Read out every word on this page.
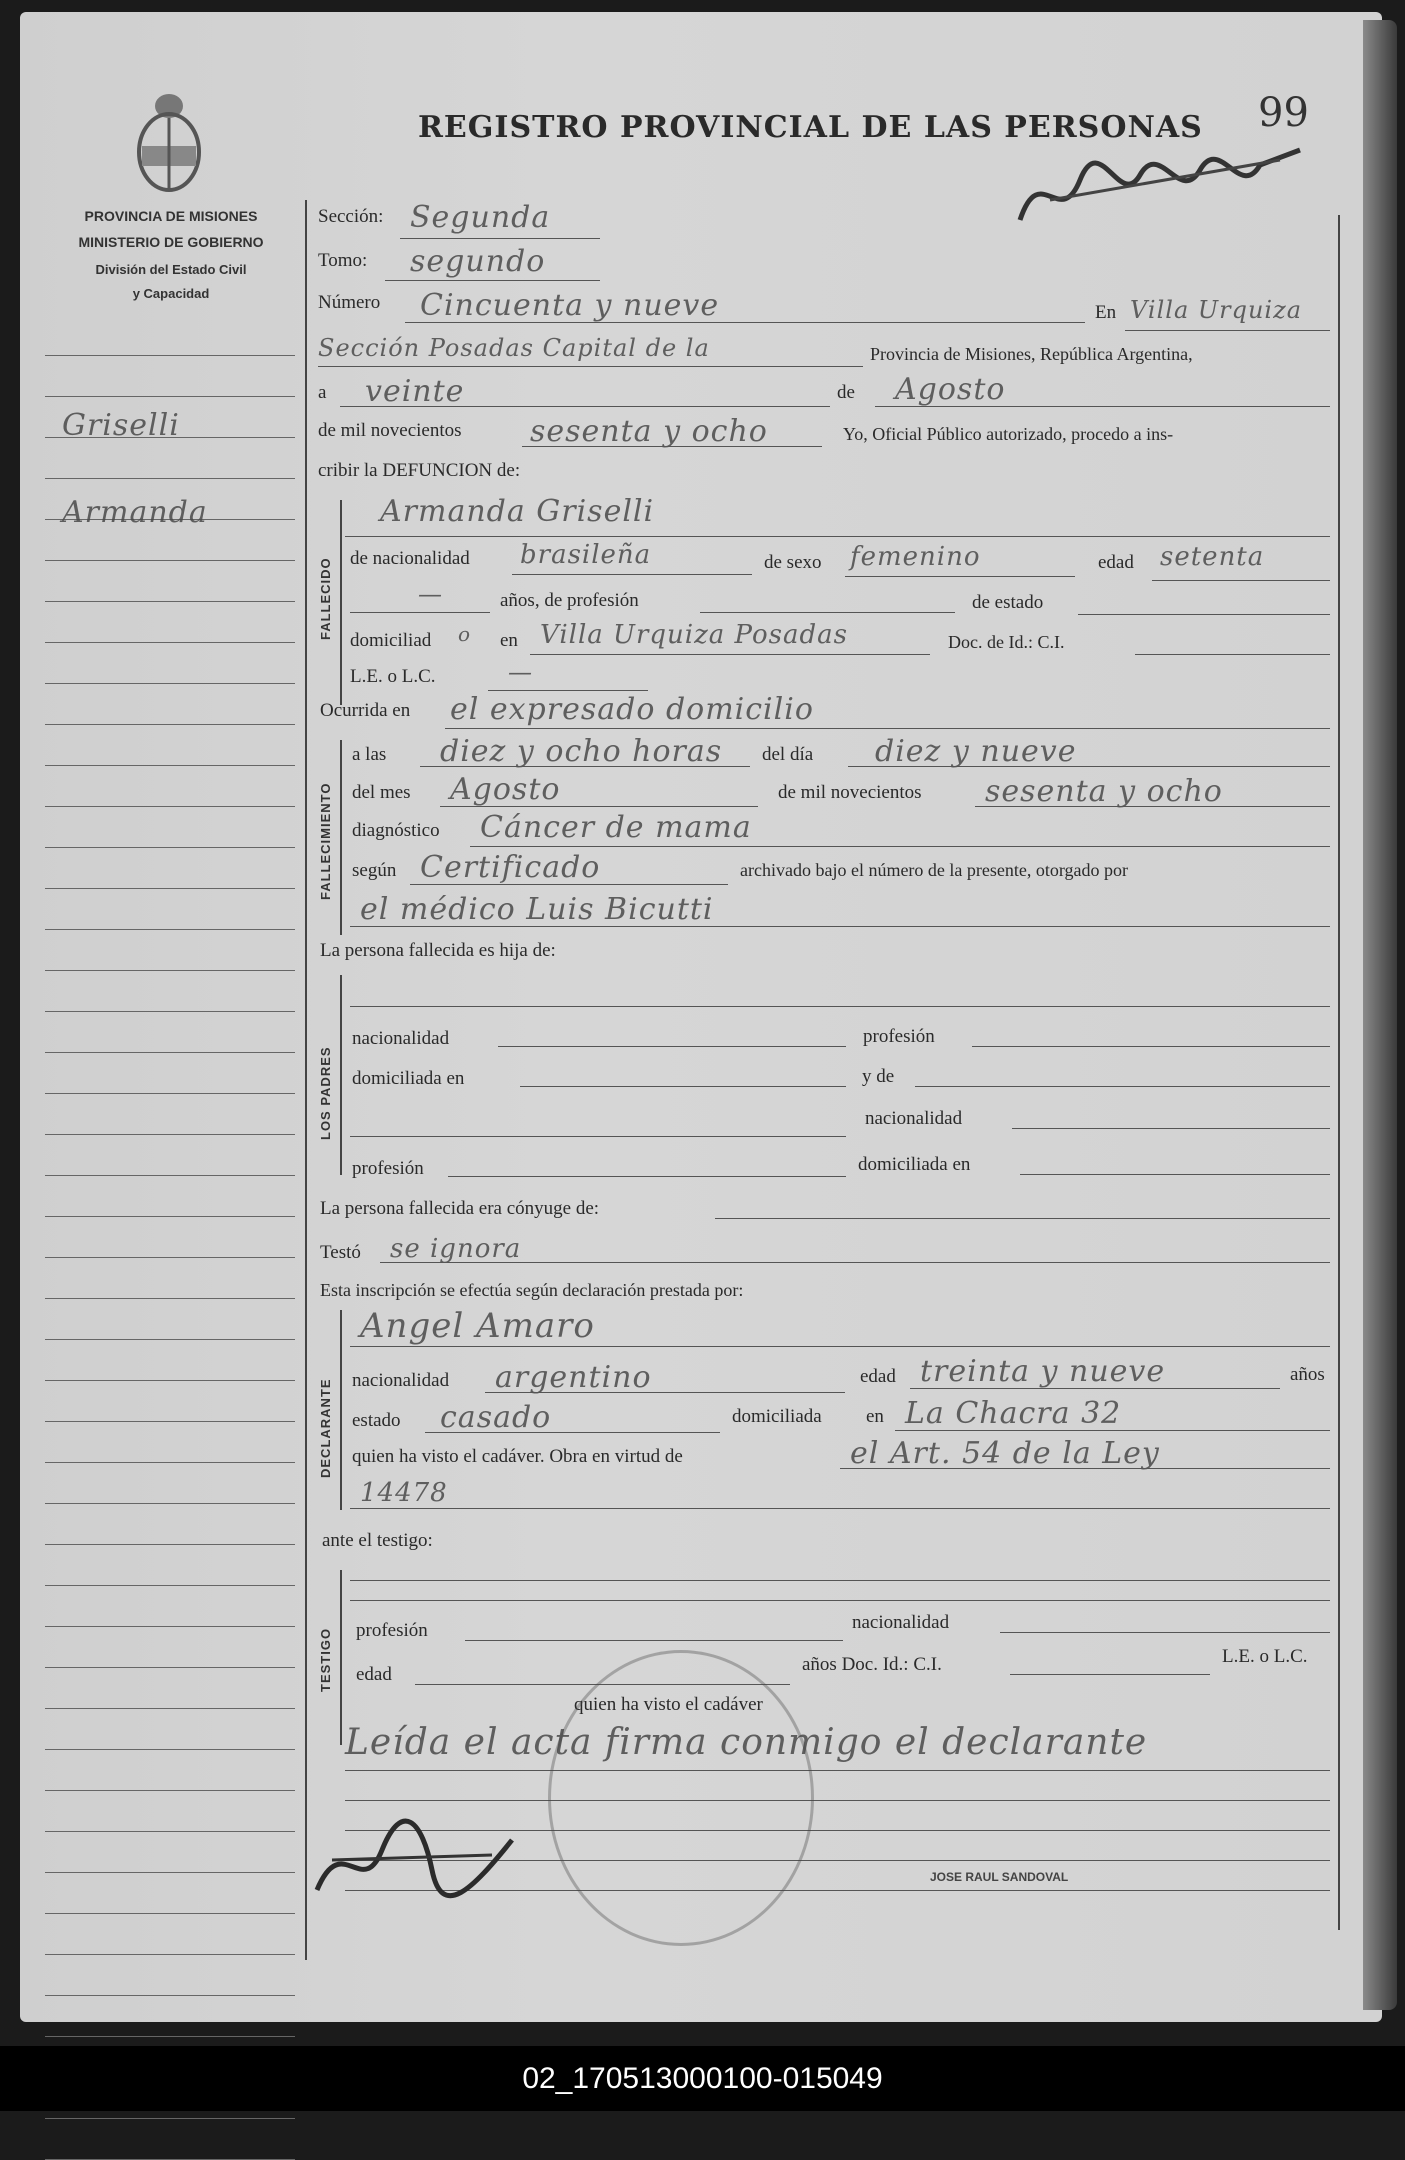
REGISTRO PROVINCIAL DE LAS PERSONAS 99
PROVINCIA DE MISIONES
MINISTERIO DE GOBIERNO
División del Estado Civil
y Capacidad
Griselli
Armanda
Sección: Segunda
Tomo: segundo
Número Cincuenta y nueve	En Villa Urquiza
Sección Posadas Capital de la	Provincia de Misiones, República Argentina,
a veinte	de Agosto
de mil novecientos sesenta y ocho	Yo, Oficial Público autorizado, procedo a ins-
cribir la DEFUNCION de:
FALLECIDO
Armanda Griselli
de nacionalidad brasileña	de sexo femenino	edad setenta
—	años, de profesión	de estado
domiciliad o en Villa Urquiza Posadas	Doc. de Id.: C.I.
L.E. o L.C.	—
Ocurrida en el expresado domicilio
FALLECIMIENTO
a las diez y ocho horas del día diez y nueve
del mes Agosto	de mil novecientos sesenta y ocho
diagnóstico Cáncer de mama
según Certificado	archivado bajo el número de la presente, otorgado por
el médico Luis Bicutti
La persona fallecida es hija de:
LOS PADRES
nacionalidad	profesión
domiciliada en	y de
nacionalidad
profesión	domiciliada en
La persona fallecida era cónyuge de:
Testó se ignora
Esta inscripción se efectúa según declaración prestada por:
DECLARANTE
Angel Amaro
nacionalidad argentino	edad treinta y nueve	años
estado casado	domiciliada en La Chacra 32
quien ha visto el cadáver. Obra en virtud de	el Art. 54 de la Ley
14478
ante el testigo:
TESTIGO profesión	nacionalidad
edad	años Doc. Id.: C.I.	L.E. o L.C.
quien ha visto el cadáver
Leída el acta firma conmigo el declarante
JOSE RAUL SANDOVAL
02_170513000100-015049
